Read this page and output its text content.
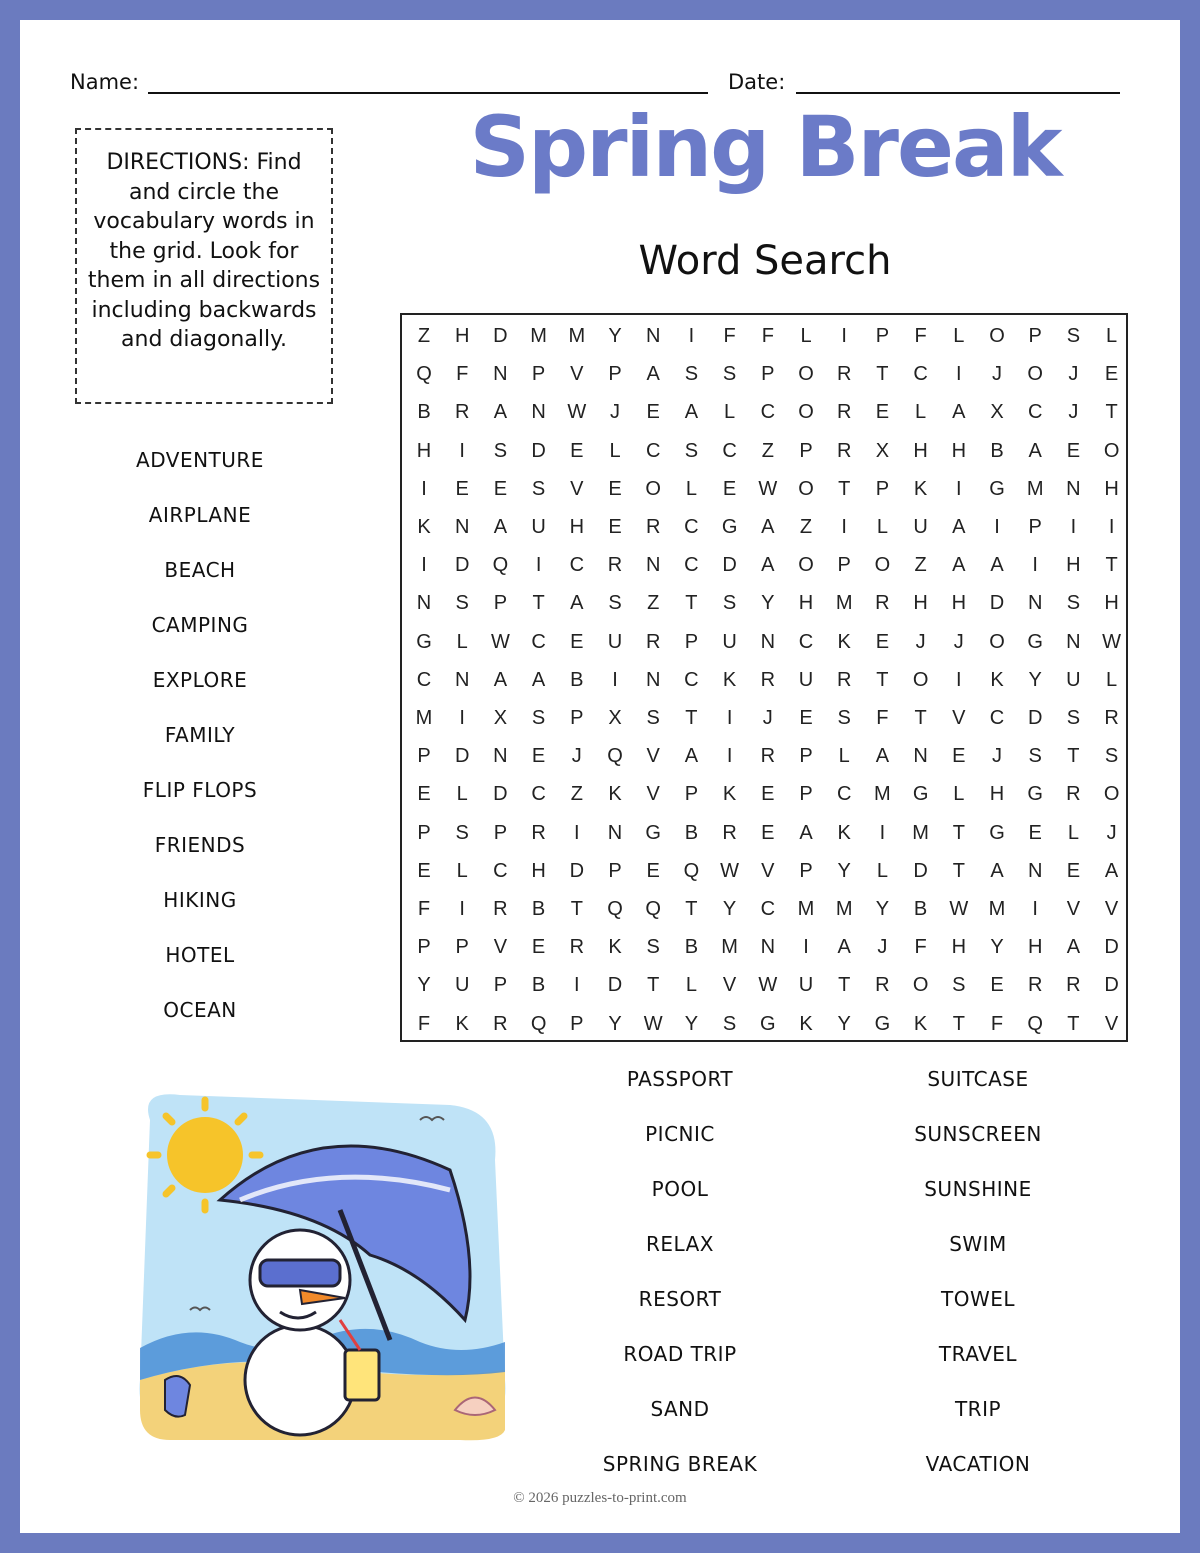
Name:	Date:
DIRECTIONS: Find and circle the vocabulary words in the grid. Look for them in all directions including backwards and diagonally.
Spring Break
Word Search
Z	H	D	M	M	Y	N	I	F	F	L	I	P	F	L	O	P	S	L
Q	F	N	P	V	P	A	S	S	P	O	R	T	C	I	J	O	J	E
B	R	A	N	W	J	E	A	L	C	O	R	E	L	A	X	C	J	T
H	I	S	D	E	L	C	S	C	Z	P	R	X	H	H	B	A	E	O
I	E	E	S	V	E	O	L	E	W	O	T	P	K	I	G	M	N	H
K	N	A	U	H	E	R	C	G	A	Z	I	L	U	A	I	P	I	I
I	D	Q	I	C	R	N	C	D	A	O	P	O	Z	A	A	I	H	T
N	S	P	T	A	S	Z	T	S	Y	H	M	R	H	H	D	N	S	H
G	L	W	C	E	U	R	P	U	N	C	K	E	J	J	O	G	N	W
C	N	A	A	B	I	N	C	K	R	U	R	T	O	I	K	Y	U	L
M	I	X	S	P	X	S	T	I	J	E	S	F	T	V	C	D	S	R
P	D	N	E	J	Q	V	A	I	R	P	L	A	N	E	J	S	T	S
E	L	D	C	Z	K	V	P	K	E	P	C	M	G	L	H	G	R	O
P	S	P	R	I	N	G	B	R	E	A	K	I	M	T	G	E	L	J
E	L	C	H	D	P	E	Q	W	V	P	Y	L	D	T	A	N	E	A
F	I	R	B	T	Q	Q	T	Y	C	M	M	Y	B	W	M	I	V	V
P	P	V	E	R	K	S	B	M	N	I	A	J	F	H	Y	H	A	D
Y	U	P	B	I	D	T	L	V	W	U	T	R	O	S	E	R	R	D
F	K	R	Q	P	Y	W	Y	S	G	K	Y	G	K	T	F	Q	T	V
ADVENTURE
AIRPLANE
BEACH
CAMPING
EXPLORE
FAMILY
FLIP FLOPS
FRIENDS
HIKING
HOTEL
OCEAN
PASSPORT
PICNIC
POOL
RELAX
RESORT
ROAD TRIP
SAND
SPRING BREAK
SUITCASE
SUNSCREEN
SUNSHINE
SWIM
TOWEL
TRAVEL
TRIP
VACATION
© 2026 puzzles-to-print.com
